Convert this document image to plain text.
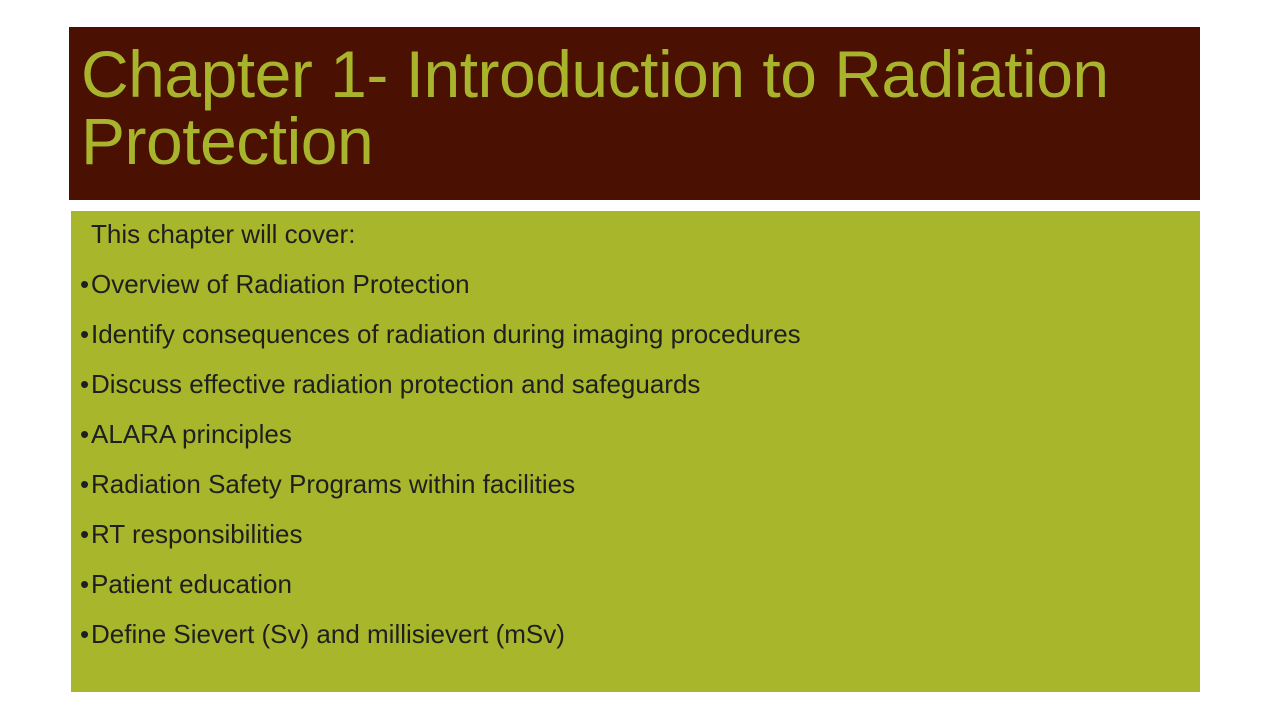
Chapter 1- Introduction to Radiation
Protection

This chapter will cover:

•Overview of Radiation Protection
•Identify consequences of radiation during imaging procedures
•Discuss effective radiation protection and safeguards
•ALARA principles
•Radiation Safety Programs within facilities
•RT responsibilities
•Patient education
•Define Sievert (Sv) and millisievert (mSv)
